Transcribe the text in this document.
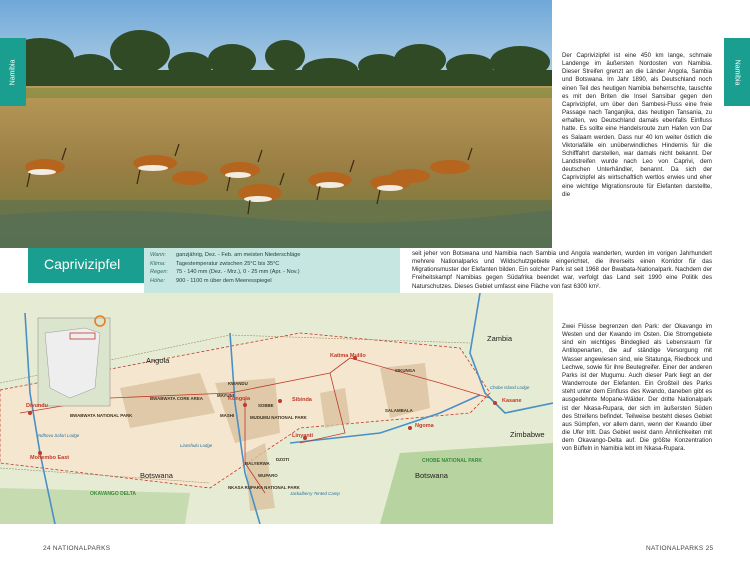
Namibia	Namibia

Der Caprivizipfel ist eine 450 km lange, schmale Landenge im äußersten Nordosten von Namibia. Dieser Streifen grenzt an die Länder Angola, Sambia und Botswana. Im Jahr 1890, als Deutschland noch einen Teil des heutigen Namibia beherrschte, tauschte es mit den Briten die Insel Sansibar gegen den Caprivizipfel, um über den Sambesi-Fluss eine freie Passage nach Tanganjika, das heutigen Tansania, zu erhalten, wo Deutschland damals ebenfalls Einfluss hatte. Es sollte eine Handelsroute zum Hafen von Dar es Salaam werden. Dass nur 40 km weiter östlich die Viktoriafälle ein unüberwindliches Hindernis für die Schifffahrt darstellen, war damals nicht bekannt. Der Landstreifen wurde nach Leo von Caprivi, dem deutschen Unterhändler, benannt. Da sich der Caprivizipfel als wirtschaftlich wertlos erwies und eher eine wichtige Migrationsroute für Elefanten darstellte, die

seit jeher von Botswana und Namibia nach Sambia und Angola wanderten, wurden im vorigen Jahrhundert mehrere Nationalparks und Wildschutzgebiete eingerichtet, die ihrerseits einen Korridor für das Migrationsmuster der Elefanten bilden. Ein solcher Park ist seit 1968 der Bwabata-Nationalpark. Nachdem der Freiheitskampf Namibias gegen Südafrika beendet war, verfolgt das Land seit 1990 eine Politik des Naturschutzes. Dieses Gebiet umfasst eine Fläche von fast 6300 km².

Zwei Flüsse begrenzen den Park: der Okavango im Westen und der Kwando im Osten. Die Stromgebiete sind ein wichtiges Bindeglied als Lebensraum für Antilopenarten, die auf ständige Versorgung mit Wasser angewiesen sind, wie Sitatunga, Riedbock und Lechwe, sowie für ihre Beutegreifer. Einer der anderen Parks ist der Mugumu. Auch dieser Park liegt an der Wanderroute der Elefanten. Ein Großteil des Parks steht unter dem Einfluss des Kwando, daneben gibt es ausgedehnte Mopane-Wälder. Der dritte Nationalpark ist der Nkasa-Rupara, der sich im äußersten Süden des Streifens befindet. Teilweise besteht dieses Gebiet aus Sümpfen, vor allem dann, wenn der Kwando über die Ufer tritt. Das Gebiet weist dann Ähnlichkeiten mit dem Okavango-Delta auf. Die größte Konzentration von Büffeln in Namibia lebt im Nkasa-Rupara.

Caprivizipfel
Wann:	ganzjährig, Dez. - Feb. am meisten Niederschläge
Klima:	Tagestemperatur zwischen 25°C bis 35°C
Regen:	75 - 140 mm (Dez. - Mrz.), 0 - 25 mm (Apr. - Nov.)
Höhe:	900 - 1100 m über dem Meeresspiegel
Angola
Zambia
Botswana	Botswana
Zimbabwe
Divundu
Mohembo East
Kongola	Sibinda
Linyanti
Katima Mulilo
Ngoma
Kasane
BWABWATA NATIONAL PARK
BWABWATA CORE AREA
MUDUMU NATIONAL PARK
NKASA RUPARA NATIONAL PARK
SALAMBALA
SIKUNGA
MASHI
KWANDU
MAYUNI
SOBBE
BALYERWA
DZOTI
WUPARO
CHOBE NATIONAL PARK
OKAVANGO DELTA
Ndhovu Safari Lodge
Lianshulu Lodge
Jackalberry Tented Camp
Chobe Island Lodge
24 NATIONALPARKS	NATIONALPARKS 25
